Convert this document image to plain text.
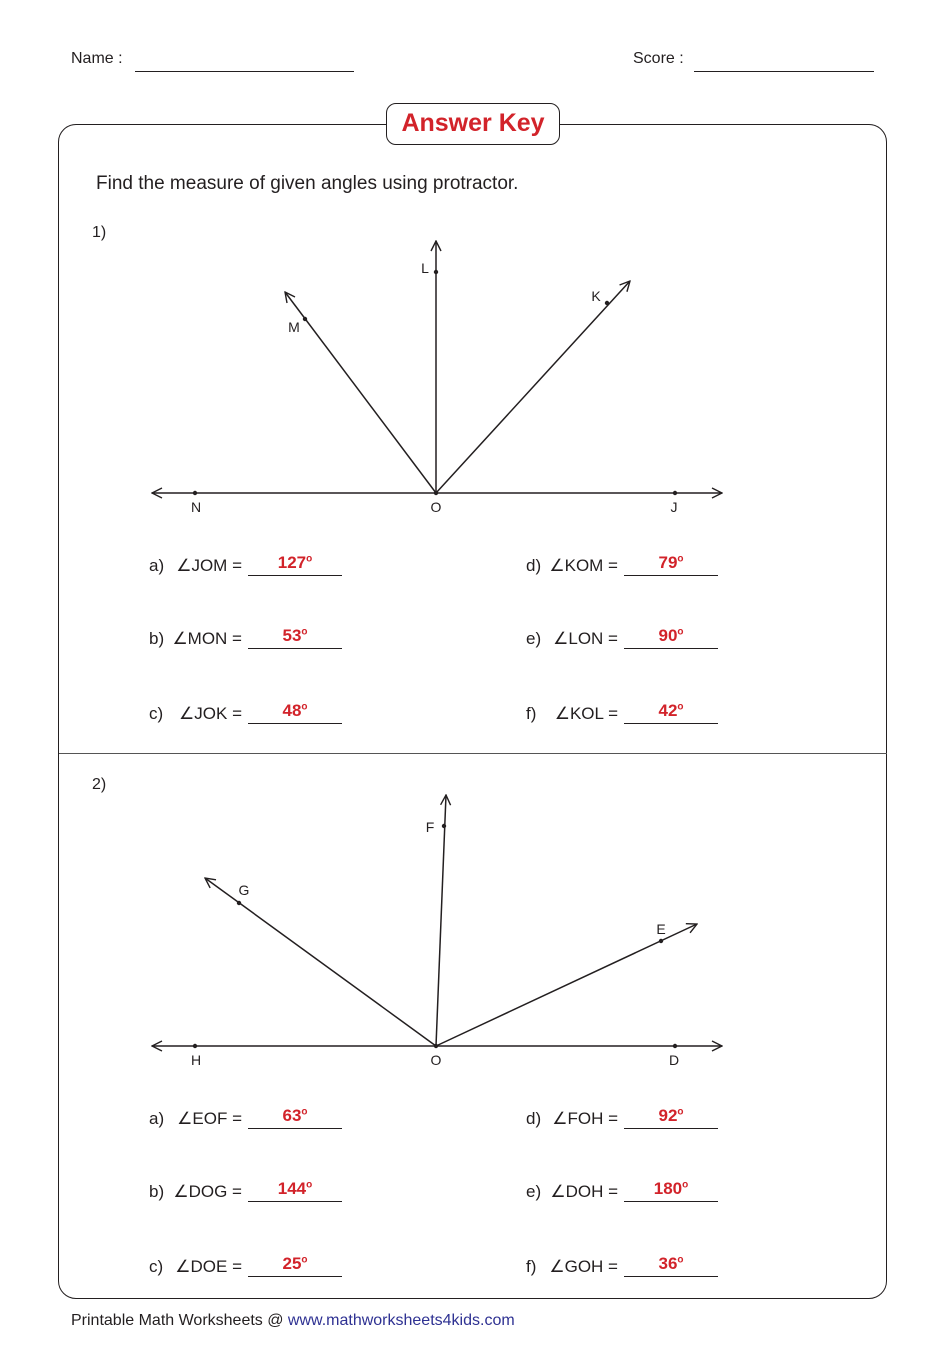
Name :	Score :
Answer Key
Find the measure of given angles using protractor.
1)
2)
L
M
K
N	O	J
F
G
E
H	O	D
a) ∠JOM =	$127^o$
b) ∠MON =	$53^o$
c) ∠JOK =	$48^o$
d) ∠KOM =	$79^o$
e) ∠LON =	$90^o$
f) ∠KOL =	$42^o$
a) ∠EOF =	$63^o$
b) ∠DOG =	$144^o$
c) ∠DOE =	$25^o$
d) ∠FOH =	$92^o$
e) ∠DOH =	$180^o$
f) ∠GOH =	$36^o$
Printable Math Worksheets @ www.mathworksheets4kids.com
